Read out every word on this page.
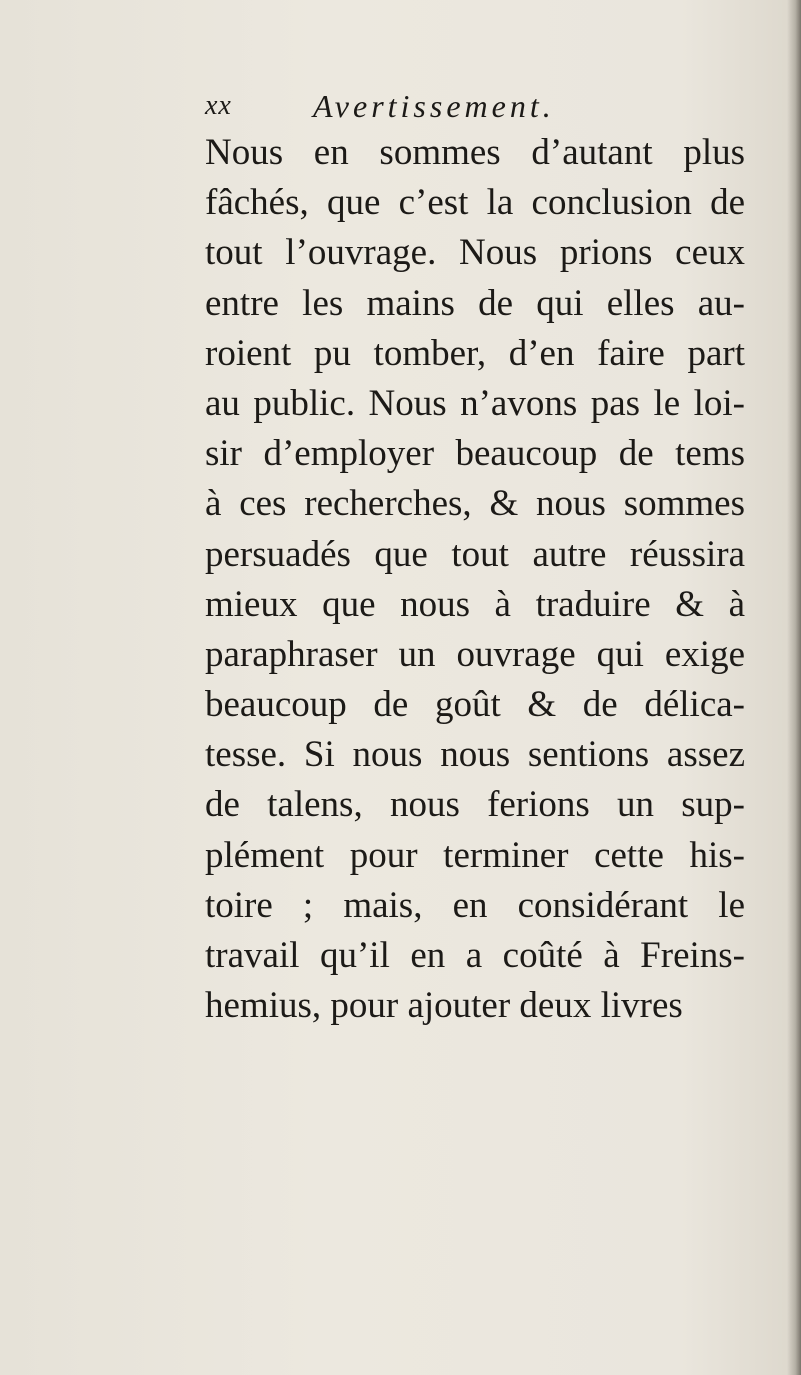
xx	Avertissement.
Nous en sommes d’autant plus
fâchés, que c’est la conclusion de
tout l’ouvrage. Nous prions ceux
entre les mains de qui elles au-
roient pu tomber, d’en faire part
au public. Nous n’avons pas le loi-
sir d’employer beaucoup de tems
à ces recherches, & nous sommes
persuadés que tout autre réussira
mieux que nous à traduire & à
paraphraser un ouvrage qui exige
beaucoup de goût & de délica-
tesse. Si nous nous sentions assez
de talens, nous ferions un sup-
plément pour terminer cette his-
toire ; mais, en considérant le
travail qu’il en a coûté à Freins-
hemius, pour ajouter deux livres
